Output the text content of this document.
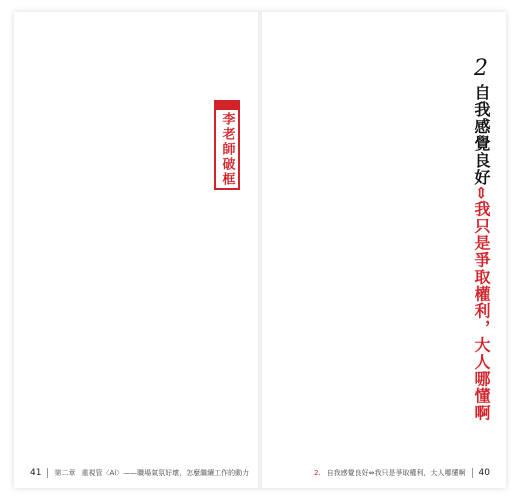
李老師破框
41 第二章 重視管〈Ai〉——職場氣氛好壞，怎麼繼續工作的動力
2
自我感覺良好⇔我只是爭取權利，大人哪懂啊
2. 自我感覺良好⇔我只是爭取權利，大人哪懂啊 40
